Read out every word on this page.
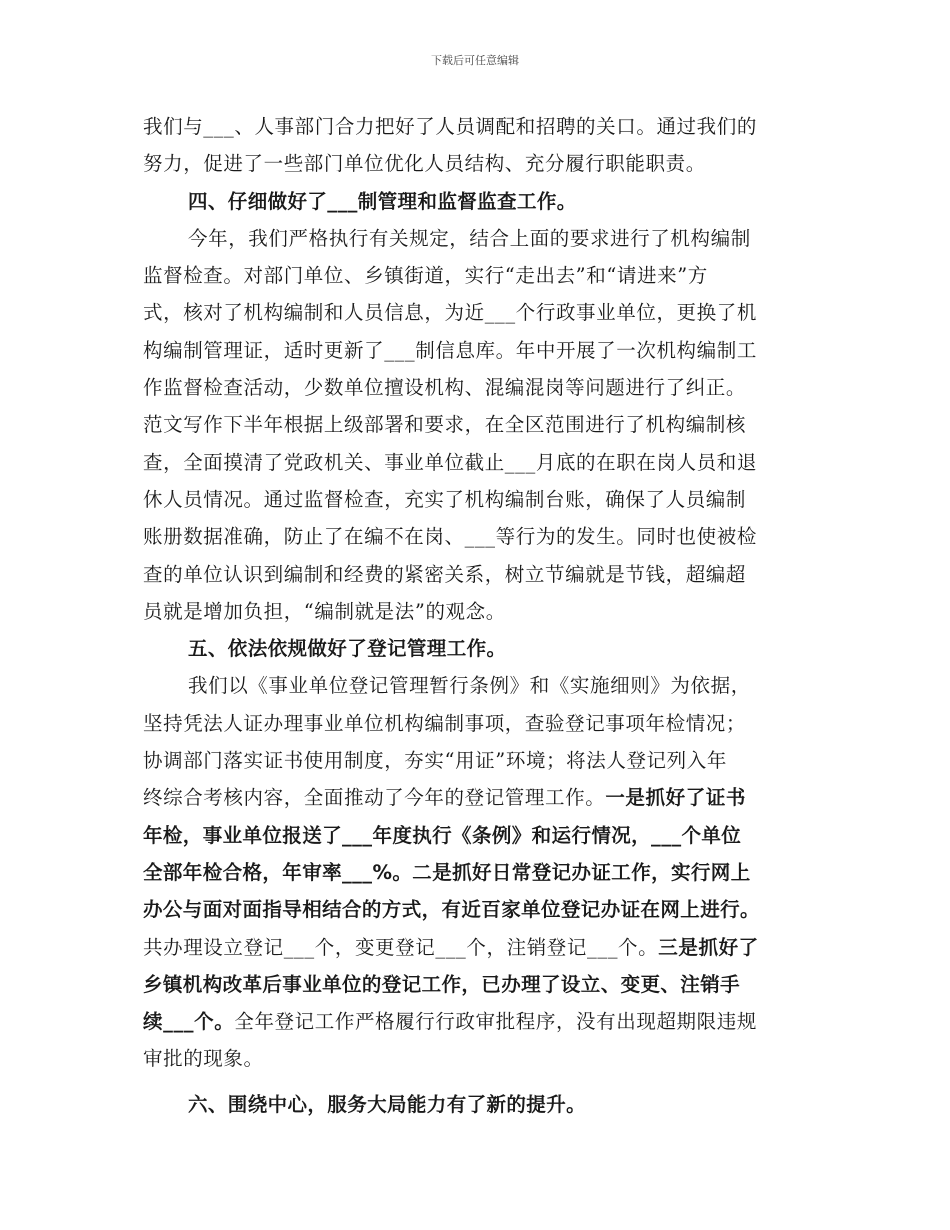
下载后可任意编辑
我们与___、人事部门合力把好了人员调配和招聘的关口。通过我们的
努力，促进了一些部门单位优化人员结构、充分履行职能职责。
四、仔细做好了___制管理和监督监查工作。
今年，我们严格执行有关规定，结合上面的要求进行了机构编制
监督检查。对部门单位、乡镇街道，实行“走出去”和“请进来”方
式，核对了机构编制和人员信息，为近___个行政事业单位，更换了机
构编制管理证，适时更新了___制信息库。年中开展了一次机构编制工
作监督检查活动，少数单位擅设机构、混编混岗等问题进行了纠正。
范文写作下半年根据上级部署和要求，在全区范围进行了机构编制核
查，全面摸清了党政机关、事业单位截止___月底的在职在岗人员和退
休人员情况。通过监督检查，充实了机构编制台账，确保了人员编制
账册数据准确，防止了在编不在岗、___等行为的发生。同时也使被检
查的单位认识到编制和经费的紧密关系，树立节编就是节钱，超编超
员就是增加负担，“编制就是法”的观念。
五、依法依规做好了登记管理工作。
我们以《事业单位登记管理暂行条例》和《实施细则》为依据，
坚持凭法人证办理事业单位机构编制事项，查验登记事项年检情况；
协调部门落实证书使用制度，夯实“用证”环境；将法人登记列入年
终综合考核内容，全面推动了今年的登记管理工作。一是抓好了证书
年检，事业单位报送了___年度执行《条例》和运行情况，___个单位
全部年检合格，年审率___%。二是抓好日常登记办证工作，实行网上
办公与面对面指导相结合的方式，有近百家单位登记办证在网上进行。
共办理设立登记___个，变更登记___个，注销登记___个。三是抓好了
乡镇机构改革后事业单位的登记工作，已办理了设立、变更、注销手
续___个。全年登记工作严格履行行政审批程序，没有出现超期限违规
审批的现象。
六、围绕中心，服务大局能力有了新的提升。
